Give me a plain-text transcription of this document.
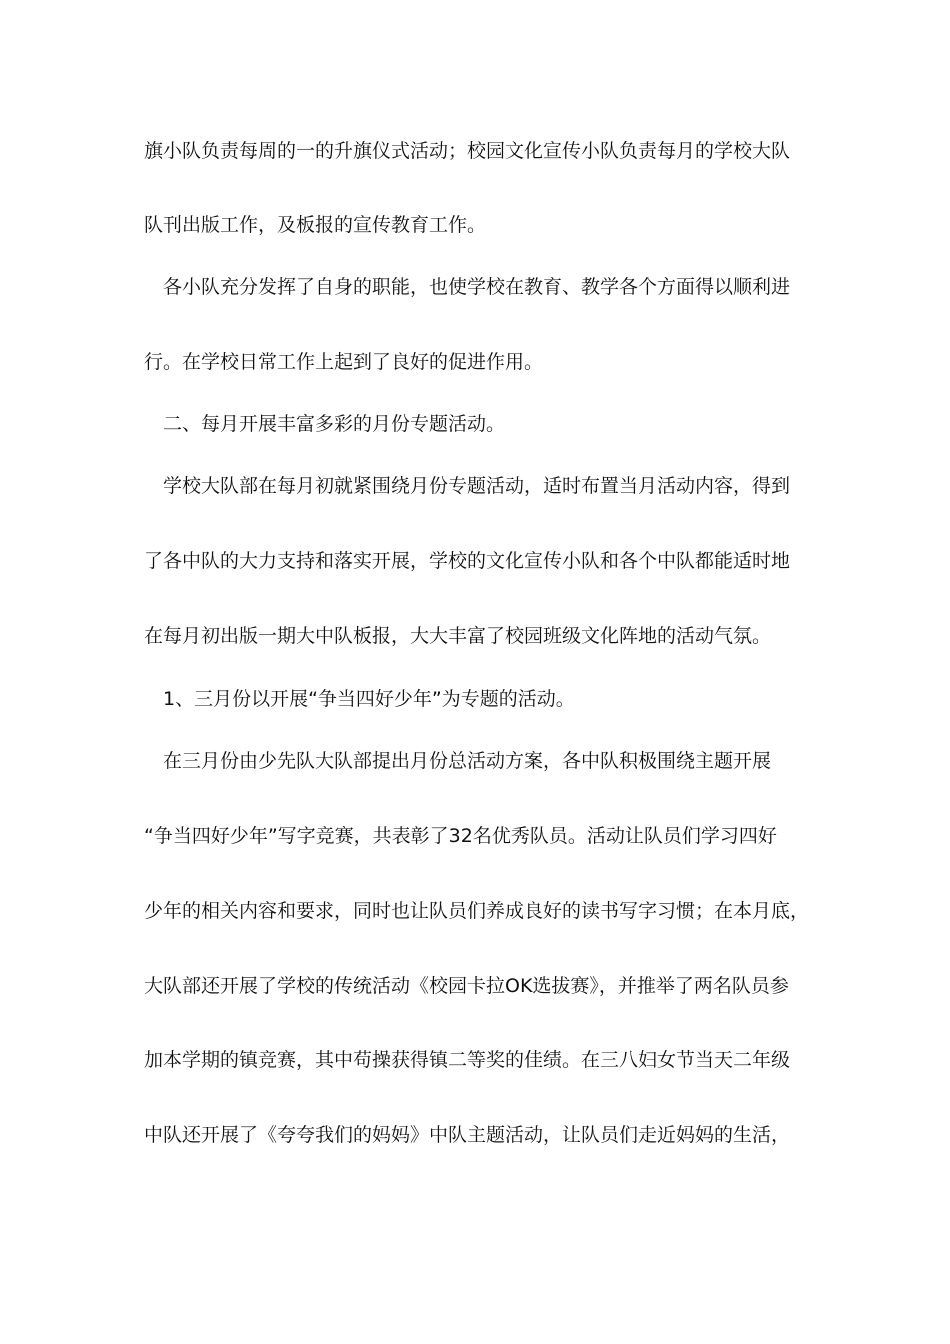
旗小队负责每周的一的升旗仪式活动；校园文化宣传小队负责每月的学校大队
队刊出版工作，及板报的宣传教育工作。
各小队充分发挥了自身的职能，也使学校在教育、教学各个方面得以顺利进
行。在学校日常工作上起到了良好的促进作用。
二、每月开展丰富多彩的月份专题活动。
学校大队部在每月初就紧围绕月份专题活动，适时布置当月活动内容，得到
了各中队的大力支持和落实开展，学校的文化宣传小队和各个中队都能适时地
在每月初出版一期大中队板报，大大丰富了校园班级文化阵地的活动气氛。
1、三月份以开展“争当四好少年”为专题的活动。
在三月份由少先队大队部提出月份总活动方案，各中队积极围绕主题开展
“争当四好少年”写字竞赛，共表彰了32名优秀队员。活动让队员们学习四好
少年的相关内容和要求，同时也让队员们养成良好的读书写字习惯；在本月底，
大队部还开展了学校的传统活动《校园卡拉OK选拔赛》，并推举了两名队员参
加本学期的镇竞赛，其中苟操获得镇二等奖的佳绩。在三八妇女节当天二年级
中队还开展了《夸夸我们的妈妈》中队主题活动，让队员们走近妈妈的生活，
